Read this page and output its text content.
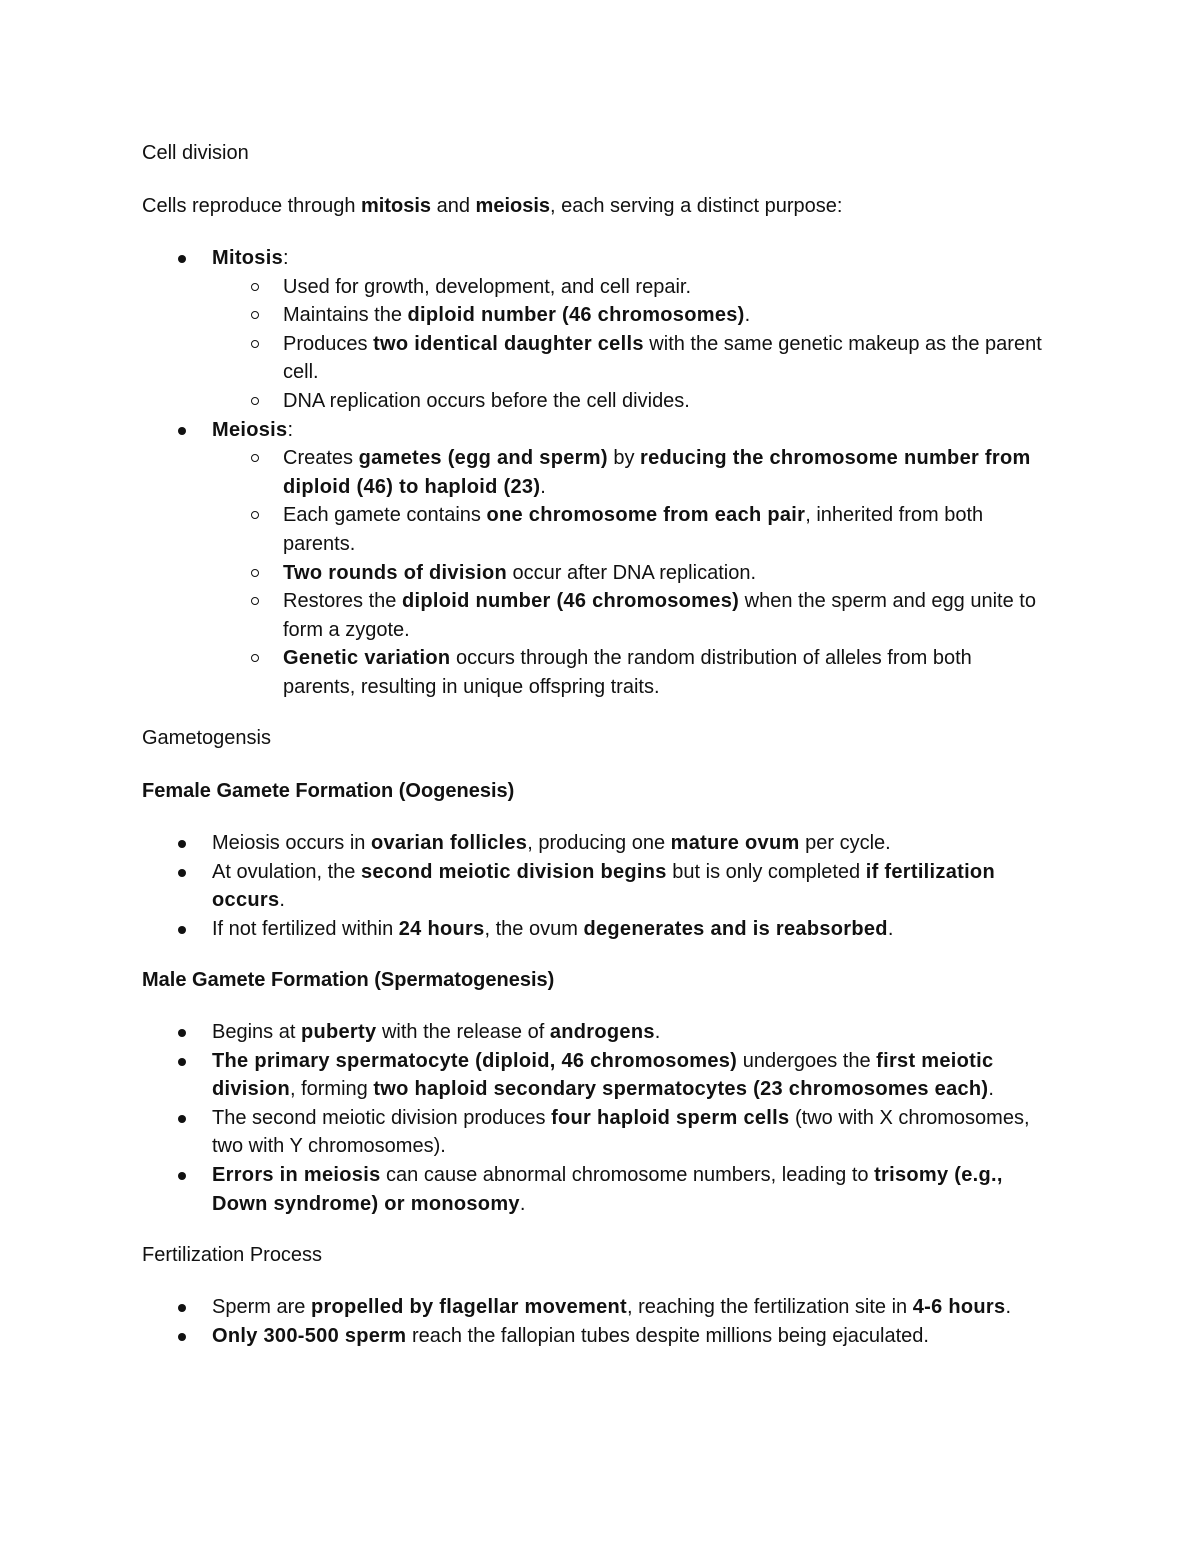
Cell division

Cells reproduce through mitosis and meiosis, each serving a distinct purpose:

Mitosis:
Used for growth, development, and cell repair.
Maintains the diploid number (46 chromosomes).
Produces two identical daughter cells with the same genetic makeup as the parent cell.
DNA replication occurs before the cell divides.
Meiosis:
Creates gametes (egg and sperm) by reducing the chromosome number from diploid (46) to haploid (23).
Each gamete contains one chromosome from each pair, inherited from both parents.
Two rounds of division occur after DNA replication.
Restores the diploid number (46 chromosomes) when the sperm and egg unite to form a zygote.
Genetic variation occurs through the random distribution of alleles from both parents, resulting in unique offspring traits.
Gametogensis
Female Gamete Formation (Oogenesis)
Meiosis occurs in ovarian follicles, producing one mature ovum per cycle.
At ovulation, the second meiotic division begins but is only completed if fertilization occurs.
If not fertilized within 24 hours, the ovum degenerates and is reabsorbed.
Male Gamete Formation (Spermatogenesis)
Begins at puberty with the release of androgens.
The primary spermatocyte (diploid, 46 chromosomes) undergoes the first meiotic division, forming two haploid secondary spermatocytes (23 chromosomes each).
The second meiotic division produces four haploid sperm cells (two with X chromosomes, two with Y chromosomes).
Errors in meiosis can cause abnormal chromosome numbers, leading to trisomy (e.g., Down syndrome) or monosomy.
Fertilization Process
Sperm are propelled by flagellar movement, reaching the fertilization site in 4-6 hours.
Only 300-500 sperm reach the fallopian tubes despite millions being ejaculated.
